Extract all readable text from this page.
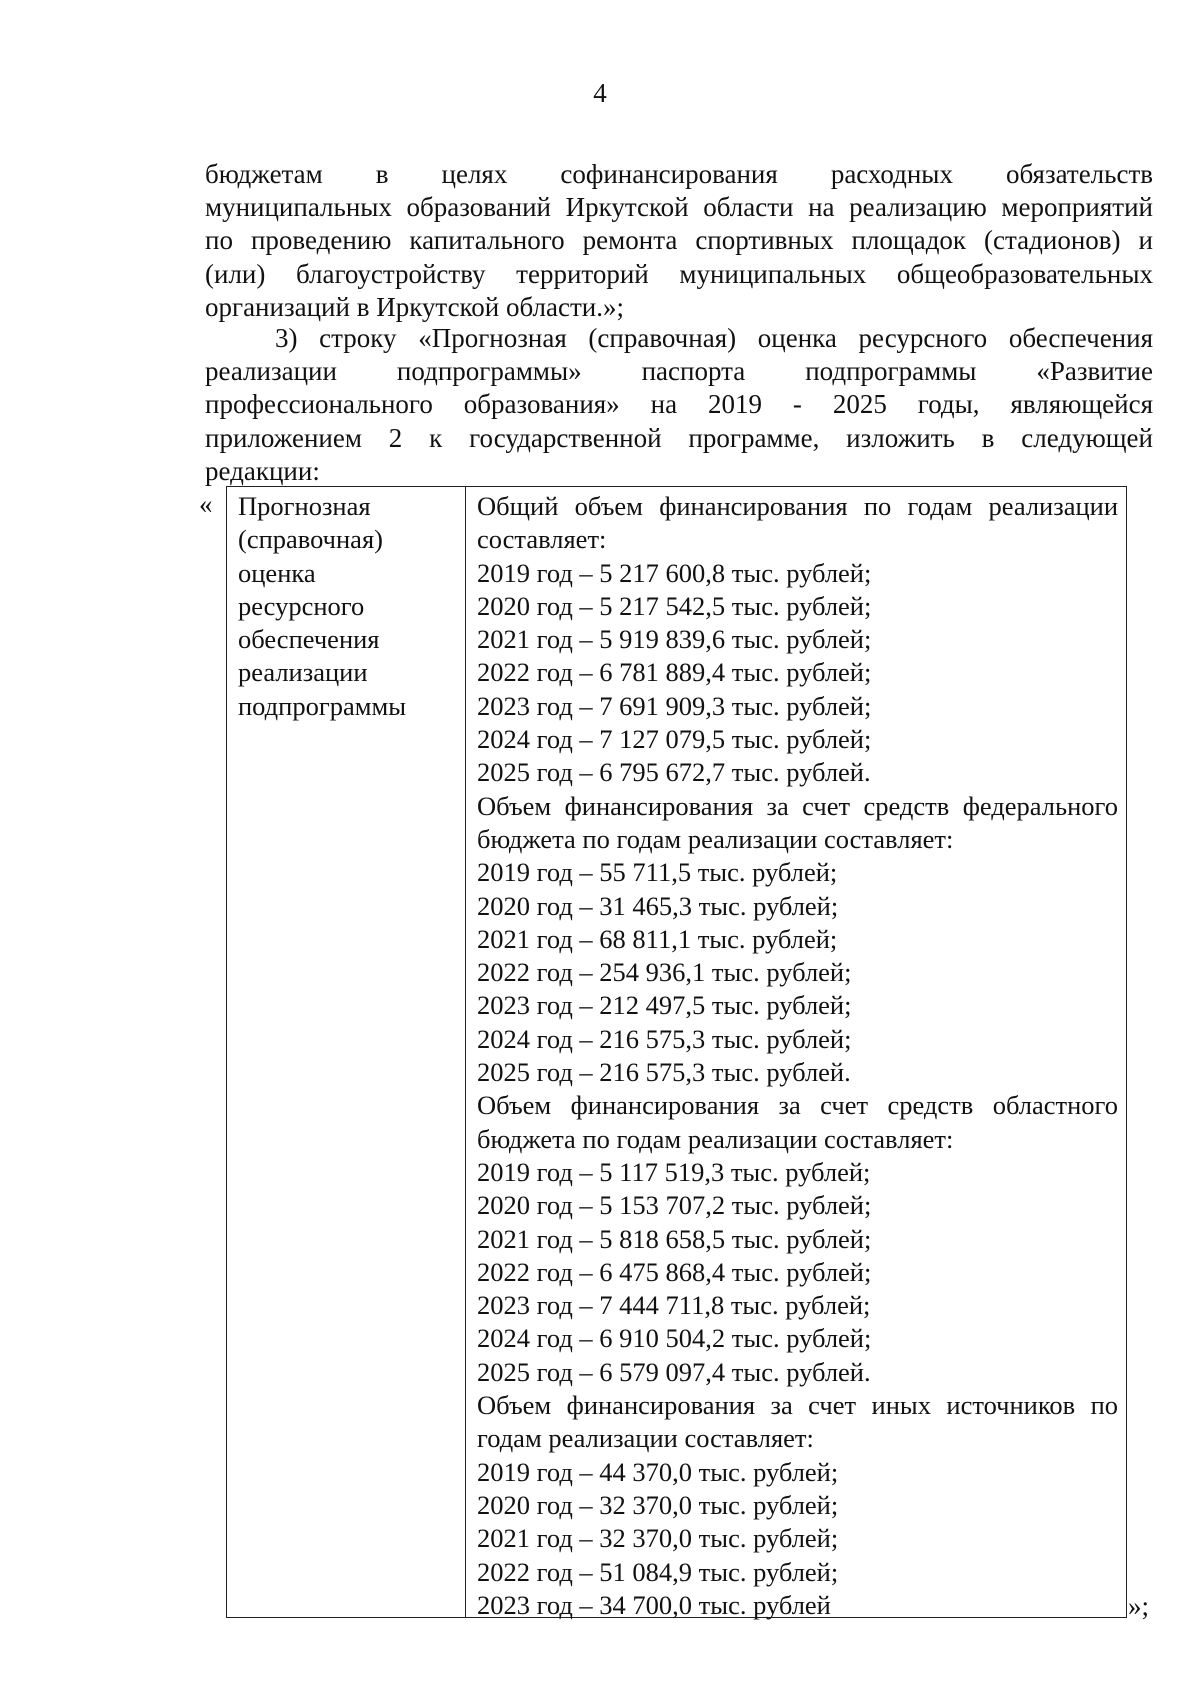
4
бюджетам в целях софинансирования расходных обязательств
муниципальных образований Иркутской области на реализацию мероприятий
по проведению капитального ремонта спортивных площадок (стадионов) и
(или) благоустройству территорий муниципальных общеобразовательных
организаций в Иркутской области.»;
3) строку «Прогнозная (справочная) оценка ресурсного обеспечения
реализации подпрограммы» паспорта подпрограммы «Развитие
профессионального образования» на 2019 - 2025 годы, являющейся
приложением 2 к государственной программе, изложить в следующей
редакции:
« Прогнозная
(справочная)
оценка
ресурсного
обеспечения
реализации
подпрограммы
Общий объем финансирования по годам реализации
составляет:
2019 год – 5 217 600,8 тыс. рублей;
2020 год – 5 217 542,5 тыс. рублей;
2021 год – 5 919 839,6 тыс. рублей;
2022 год – 6 781 889,4 тыс. рублей;
2023 год – 7 691 909,3 тыс. рублей;
2024 год – 7 127 079,5 тыс. рублей;
2025 год – 6 795 672,7 тыс. рублей.
Объем финансирования за счет средств федерального
бюджета по годам реализации составляет:
2019 год – 55 711,5 тыс. рублей;
2020 год – 31 465,3 тыс. рублей;
2021 год – 68 811,1 тыс. рублей;
2022 год – 254 936,1 тыс. рублей;
2023 год – 212 497,5 тыс. рублей;
2024 год – 216 575,3 тыс. рублей;
2025 год – 216 575,3 тыс. рублей.
Объем финансирования за счет средств областного
бюджета по годам реализации составляет:
2019 год – 5 117 519,3 тыс. рублей;
2020 год – 5 153 707,2 тыс. рублей;
2021 год – 5 818 658,5 тыс. рублей;
2022 год – 6 475 868,4 тыс. рублей;
2023 год – 7 444 711,8 тыс. рублей;
2024 год – 6 910 504,2 тыс. рублей;
2025 год – 6 579 097,4 тыс. рублей.
Объем финансирования за счет иных источников по
годам реализации составляет:
2019 год – 44 370,0 тыс. рублей;
2020 год – 32 370,0 тыс. рублей;
2021 год – 32 370,0 тыс. рублей;
2022 год – 51 084,9 тыс. рублей;
2023 год – 34 700,0 тыс. рублей	»;
